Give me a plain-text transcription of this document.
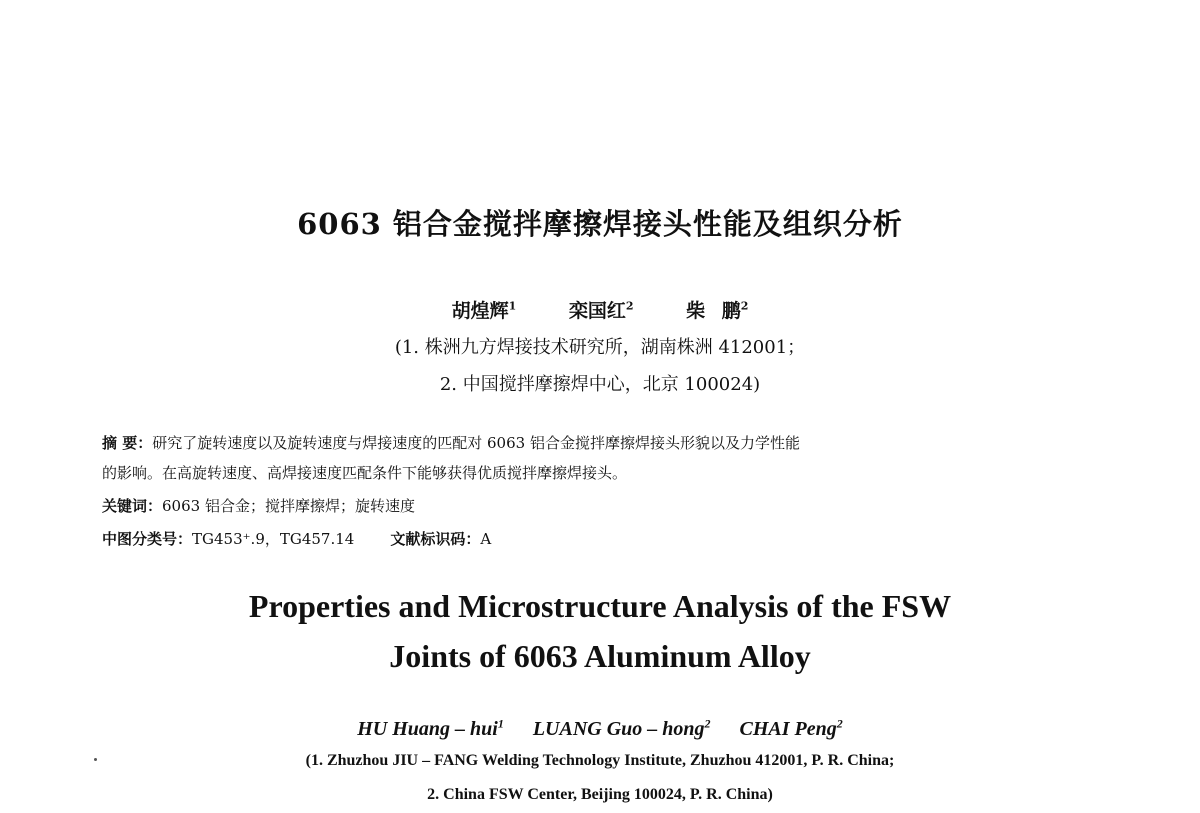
6063 铝合金搅拌摩擦焊接头性能及组织分析
胡煌辉$^1$	栾国红$^2$	柴 鹏$^2$
(1. 株洲九方焊接技术研究所，湖南株洲 412001；
2. 中国搅拌摩擦焊中心，北京 100024)
摘 要：研究了旋转速度以及旋转速度与焊接速度的匹配对 6063 铝合金搅拌摩擦焊接头形貌以及力学性能
的影响。在高旋转速度、高焊接速度匹配条件下能够获得优质搅拌摩擦焊接头。
关键词：6063 铝合金；搅拌摩擦焊；旋转速度
中图分类号：TG453⁺.9，TG457.14 文献标识码：A
Properties and Microstructure Analysis of the FSW
Joints of 6063 Aluminum Alloy
HU Huang – hui$^1$ LUANG Guo – hong$^2$ CHAI Peng$^2$
(1. Zhuzhou JIU – FANG Welding Technology Institute, Zhuzhou 412001, P. R. China;
2. China FSW Center, Beijing 100024, P. R. China)
